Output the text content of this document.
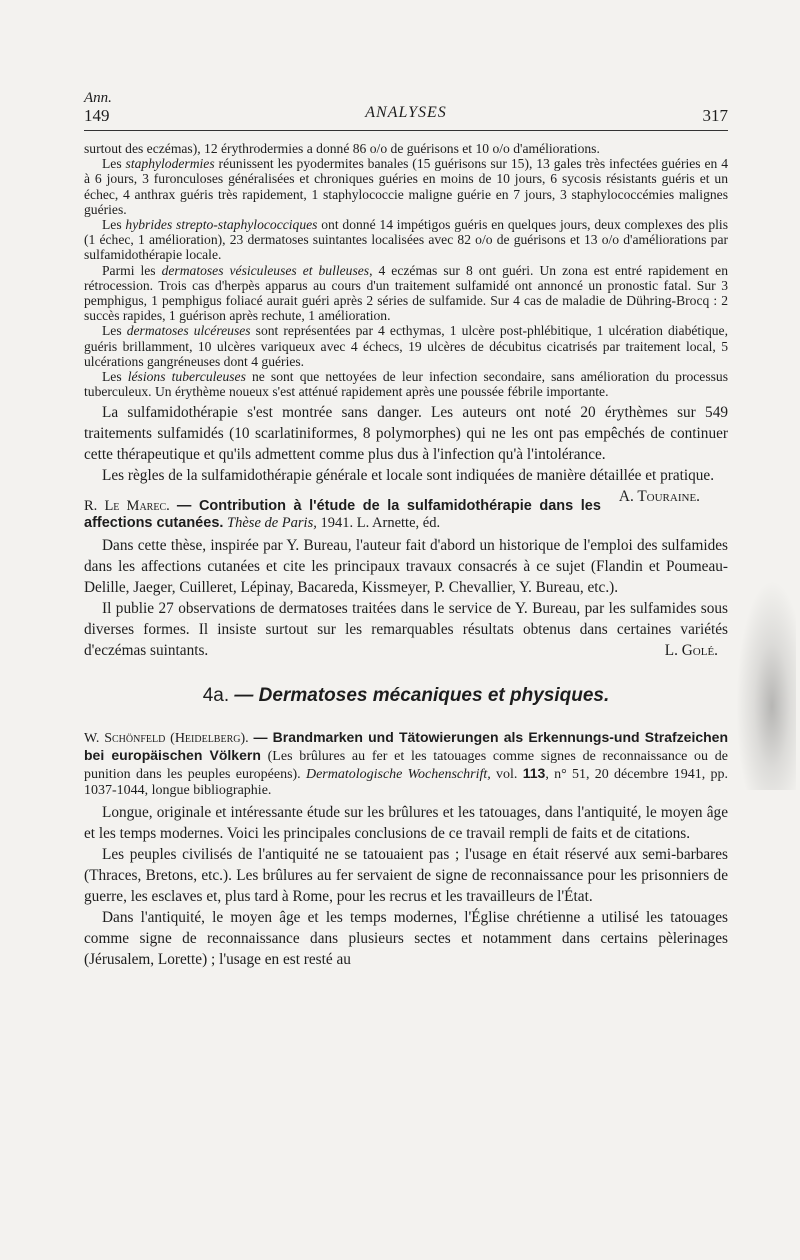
Ann.
149	ANALYSES	317

surtout des eczémas), 12 érythrodermies a donné 86 o/o de guérisons et 10 o/o d'améliorations.

Les staphylodermies réunissent les pyodermites banales (15 guérisons sur 15), 13 gales très infectées guéries en 4 à 6 jours, 3 furonculoses généralisées et chroniques guéries en moins de 10 jours, 6 sycosis résistants guéris et un échec, 4 anthrax guéris très rapidement, 1 staphylococcie maligne guérie en 7 jours, 3 staphylococcémies malignes guéries.

Les hybrides strepto-staphylococciques ont donné 14 impétigos guéris en quelques jours, deux complexes des plis (1 échec, 1 amélioration), 23 dermatoses suintantes localisées avec 82 o/o de guérisons et 13 o/o d'améliorations par sulfamidothérapie locale.

Parmi les dermatoses vésiculeuses et bulleuses, 4 eczémas sur 8 ont guéri. Un zona est entré rapidement en rétrocession. Trois cas d'herpès apparus au cours d'un traitement sulfamidé ont annoncé un pronostic fatal. Sur 3 pemphigus, 1 pemphigus foliacé aurait guéri après 2 séries de sulfamide. Sur 4 cas de maladie de Dühring-Brocq : 2 succès rapides, 1 guérison après rechute, 1 amélioration.

Les dermatoses ulcéreuses sont représentées par 4 ecthymas, 1 ulcère post-phlébitique, 1 ulcération diabétique, guéris brillamment, 10 ulcères variqueux avec 4 échecs, 19 ulcères de décubitus cicatrisés par traitement local, 5 ulcérations gangréneuses dont 4 guéries.

Les lésions tuberculeuses ne sont que nettoyées de leur infection secondaire, sans amélioration du processus tuberculeux. Un érythème noueux s'est atténué rapidement après une poussée fébrile importante.

La sulfamidothérapie s'est montrée sans danger. Les auteurs ont noté 20 érythèmes sur 549 traitements sulfamidés (10 scarlatiniformes, 8 polymorphes) qui ne les ont pas empêchés de continuer cette thérapeutique et qu'ils admettent comme plus dus à l'infection qu'à l'intolérance.

Les règles de la sulfamidothérapie générale et locale sont indiquées de manière détaillée et pratique.
A. Touraine.

R. Le Marec. — Contribution à l'étude de la sulfamidothérapie dans les affections cutanées. Thèse de Paris, 1941. L. Arnette, éd.

Dans cette thèse, inspirée par Y. Bureau, l'auteur fait d'abord un historique de l'emploi des sulfamides dans les affections cutanées et cite les principaux travaux consacrés à ce sujet (Flandin et Poumeau-Delille, Jaeger, Cuilleret, Lépinay, Bacareda, Kissmeyer, P. Chevallier, Y. Bureau, etc.).

Il publie 27 observations de dermatoses traitées dans le service de Y. Bureau, par les sulfamides sous diverses formes. Il insiste surtout sur les remarquables résultats obtenus dans certaines variétés d'eczémas suintants.	L. Golé.

4a. — Dermatoses mécaniques et physiques.
W. Schönfeld (Heidelberg). — Brandmarken und Tätowierungen als Erkennungs-und Strafzeichen bei europäischen Völkern (Les brûlures au fer et les tatouages comme signes de reconnaissance ou de punition dans les peuples européens). Dermatologische Wochenschrift, vol. 113, n° 51, 20 décembre 1941, pp. 1037-1044, longue bibliographie.

Longue, originale et intéressante étude sur les brûlures et les tatouages, dans l'antiquité, le moyen âge et les temps modernes. Voici les principales conclusions de ce travail rempli de faits et de citations.

Les peuples civilisés de l'antiquité ne se tatouaient pas ; l'usage en était réservé aux semi-barbares (Thraces, Bretons, etc.). Les brûlures au fer servaient de signe de reconnaissance pour les prisonniers de guerre, les esclaves et, plus tard à Rome, pour les recrus et les travailleurs de l'État.

Dans l'antiquité, le moyen âge et les temps modernes, l'Église chrétienne a utilisé les tatouages comme signe de reconnaissance dans plusieurs sectes et notamment dans certains pèlerinages (Jérusalem, Lorette) ; l'usage en est resté au
